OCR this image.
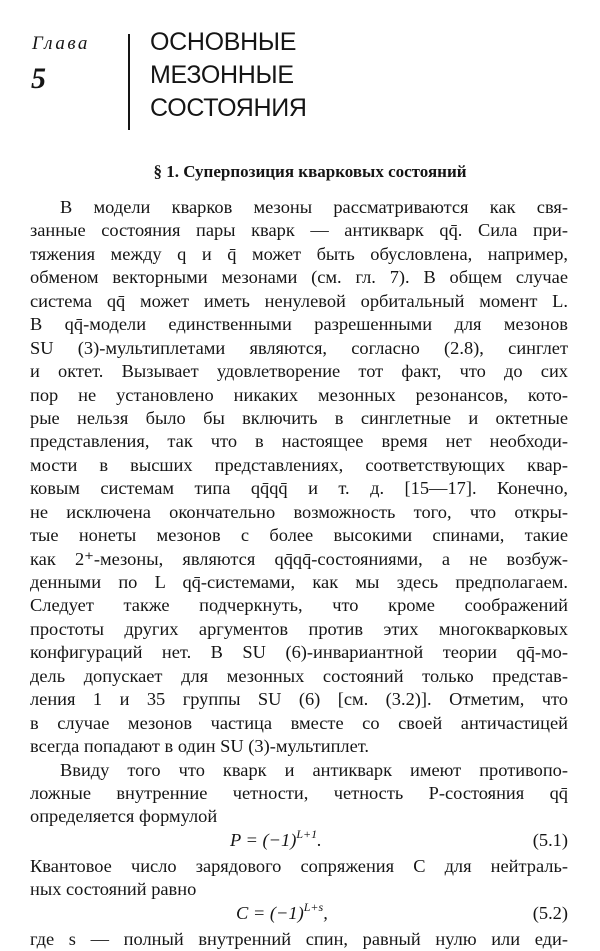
Глава
5
ОСНОВНЫЕ
МЕЗОННЫЕ
СОСТОЯНИЯ
§ 1. Суперпозиция кварковых состояний
В модели кварков мезоны рассматриваются как свя-
занные состояния пары кварк — антикварк qq̄. Сила при-
тяжения между q и q̄ может быть обусловлена, например,
обменом векторными мезонами (см. гл. 7). В общем случае
система qq̄ может иметь ненулевой орбитальный момент L.
В qq̄-модели единственными разрешенными для мезонов
SU (3)-мультиплетами являются, согласно (2.8), синглет
и октет. Вызывает удовлетворение тот факт, что до сих
пор не установлено никаких мезонных резонансов, кото-
рые нельзя было бы включить в синглетные и октетные
представления, так что в настоящее время нет необходи-
мости в высших представлениях, соответствующих квар-
ковым системам типа qq̄qq̄ и т. д. [15—17]. Конечно,
не исключена окончательно возможность того, что откры-
тые нонеты мезонов с более высокими спинами, такие
как 2⁺-мезоны, являются qq̄qq̄-состояниями, а не возбуж-
денными по L qq̄-системами, как мы здесь предполагаем.
Следует также подчеркнуть, что кроме соображений
простоты других аргументов против этих многокварковых
конфигураций нет. В SU (6)-инвариантной теории qq̄-мо-
дель допускает для мезонных состояний только представ-
ления 1 и 35 группы SU (6) [см. (3.2)]. Отметим, что
в случае мезонов частица вместе со своей античастицей
всегда попадают в один SU (3)-мультиплет.
Ввиду того что кварк и антикварк имеют противопо-
ложные внутренние четности, четность P-состояния qq̄
определяется формулой
$P = (-1)^{L+1}$.	(5.1)
Квантовое число зарядового сопряжения C для нейтраль-
ных состояний равно
$C = (-1)^{L+s}$,	(5.2)
где s — полный внутренний спин, равный нулю или еди-
